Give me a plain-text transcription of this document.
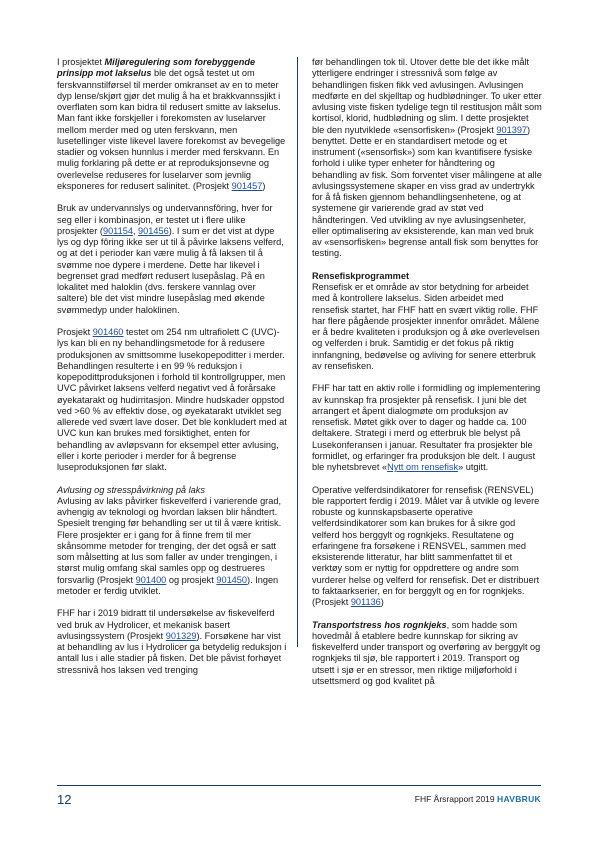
I prosjektet Miljøregulering som forebyggende prinsipp mot lakselus ble det også testet ut om ferskvannstilførsel til merder omkranset av en to meter dyp lense/skjørt gjør det mulig å ha et brakkvannssjikt i overflaten som kan bidra til redusert smitte av lakselus. Man fant ikke forskjeller i forekomsten av luselarver mellom merder med og uten ferskvann, men lusetellinger viste likevel lavere forekomst av bevegelige stadier og voksen hunnlus i merder med ferskvann. En mulig forklaring på dette er at reproduksjonsevne og overlevelse reduseres for luselarver som jevnlig eksponeres for redusert salinitet. (Prosjekt 901457)

Bruk av undervannslys og undervannsfôring, hver for seg eller i kombinasjon, er testet ut i flere ulike prosjekter (901154, 901456). I sum er det vist at dype lys og dyp fôring ikke ser ut til å påvirke laksens velferd, og at det i perioder kan være mulig å få laksen til å svømme noe dypere i merdene. Dette har likevel i begrenset grad medført redusert lusepåslag. På en lokalitet med haloklin (dvs. ferskere vannlag over saltere) ble det vist mindre lusepåslag med økende svømmedyp under haloklinen.

Prosjekt 901460 testet om 254 nm ultrafiolett C (UVC)-lys kan bli en ny behandlingsmetode for å redusere produksjonen av smittsomme lusekopepoditter i merder. Behandlingen resulterte i en 99 % reduksjon i kopepodittproduksjonen i forhold til kontrollgrupper, men UVC påvirket laksens velferd negativt ved å forårsake øyekatarakt og hudirritasjon. Mindre hudskader oppstod ved >60 % av effektiv dose, og øyekatarakt utviklet seg allerede ved svært lave doser. Det ble konkludert med at UVC kun kan brukes med forsiktighet, enten for behandling av avløpsvann for eksempel etter avlusing, eller i korte perioder i merder for å begrense luseproduksjonen før slakt.

Avlusing og stresspåvirkning på laks

Avlusing av laks påvirker fiskevelferd i varierende grad, avhengig av teknologi og hvordan laksen blir håndtert. Spesielt trenging før behandling ser ut til å være kritisk. Flere prosjekter er i gang for å finne frem til mer skånsomme metoder for trenging, der det også er satt som målsetting at lus som faller av under trengingen, i størst mulig omfang skal samles opp og destrueres forsvarlig (Prosjekt 901400 og prosjekt 901450). Ingen metoder er ferdig utviklet.

FHF har i 2019 bidratt til undersøkelse av fiskevelferd ved bruk av Hydrolicer, et mekanisk basert avlusingssystem (Prosjekt 901329). Forsøkene har vist at behandling av lus i Hydrolicer ga betydelig reduksjon i antall lus i alle stadier på fisken. Det ble påvist forhøyet stressnivå hos laksen ved trenging

før behandlingen tok til. Utover dette ble det ikke målt ytterligere endringer i stressnivå som følge av behandlingen fisken fikk ved avlusingen. Avlusingen medførte en del skjelltap og hudblødninger. To uker etter avlusing viste fisken tydelige tegn til restitusjon målt som kortisol, klorid, hudblødning og slim. I dette prosjektet ble den nyutviklede «sensorfisken» (Prosjekt 901397) benyttet. Dette er en standardisert metode og et instrument («sensorfisk») som kan kvantifisere fysiske forhold i ulike typer enheter for håndtering og behandling av fisk. Som forventet viser målingene at alle avlusingssystemene skaper en viss grad av undertrykk for å få fisken gjennom behandlingsenhetene, og at systemene gir varierende grad av støt ved håndteringen. Ved utvikling av nye avlusingsenheter, eller optimalisering av eksisterende, kan man ved bruk av «sensorfisken» begrense antall fisk som benyttes for testing.

Rensefiskprogrammet

Rensefisk er et område av stor betydning for arbeidet med å kontrollere lakselus. Siden arbeidet med rensefisk startet, har FHF hatt en svært viktig rolle. FHF har flere pågående prosjekter innenfor området. Målene er å bedre kvaliteten i produksjon og å øke overlevelsen og velferden i bruk. Samtidig er det fokus på riktig innfangning, bedøvelse og avliving for senere etterbruk av rensefisken.

FHF har tatt en aktiv rolle i formidling og implementering av kunnskap fra prosjekter på rensefisk. I juni ble det arrangert et åpent dialogmøte om produksjon av rensefisk. Møtet gikk over to dager og hadde ca. 100 deltakere. Strategi i merd og etterbruk ble belyst på Lusekonferansen i januar. Resultater fra prosjekter ble formidlet, og erfaringer fra produksjon ble delt. I august ble nyhetsbrevet «Nytt om rensefisk» utgitt.

Operative velferdsindikatorer for rensefisk (RENSVEL) ble rapportert ferdig i 2019. Målet var å utvikle og levere robuste og kunnskapsbaserte operative velferdsindikatorer som kan brukes for å sikre god velferd hos berggylt og rognkjeks. Resultatene og erfaringene fra forsøkene i RENSVEL, sammen med eksisterende litteratur, har blitt sammenfattet til et verktøy som er nyttig for oppdrettere og andre som vurderer helse og velferd for rensefisk. Det er distribuert to faktaarkserier, en for berggylt og en for rognkjeks. (Prosjekt 901136)

Transportstress hos rognkjeks, som hadde som hovedmål å etablere bedre kunnskap for sikring av fiskevelferd under transport og overføring av berggylt og rognkjeks til sjø, ble rapportert i 2019. Transport og utsett i sjø er en stressor, men riktige miljøforhold i utsettsmerd og god kvalitet på

12	FHF Årsrapport 2019 HAVBRUK
